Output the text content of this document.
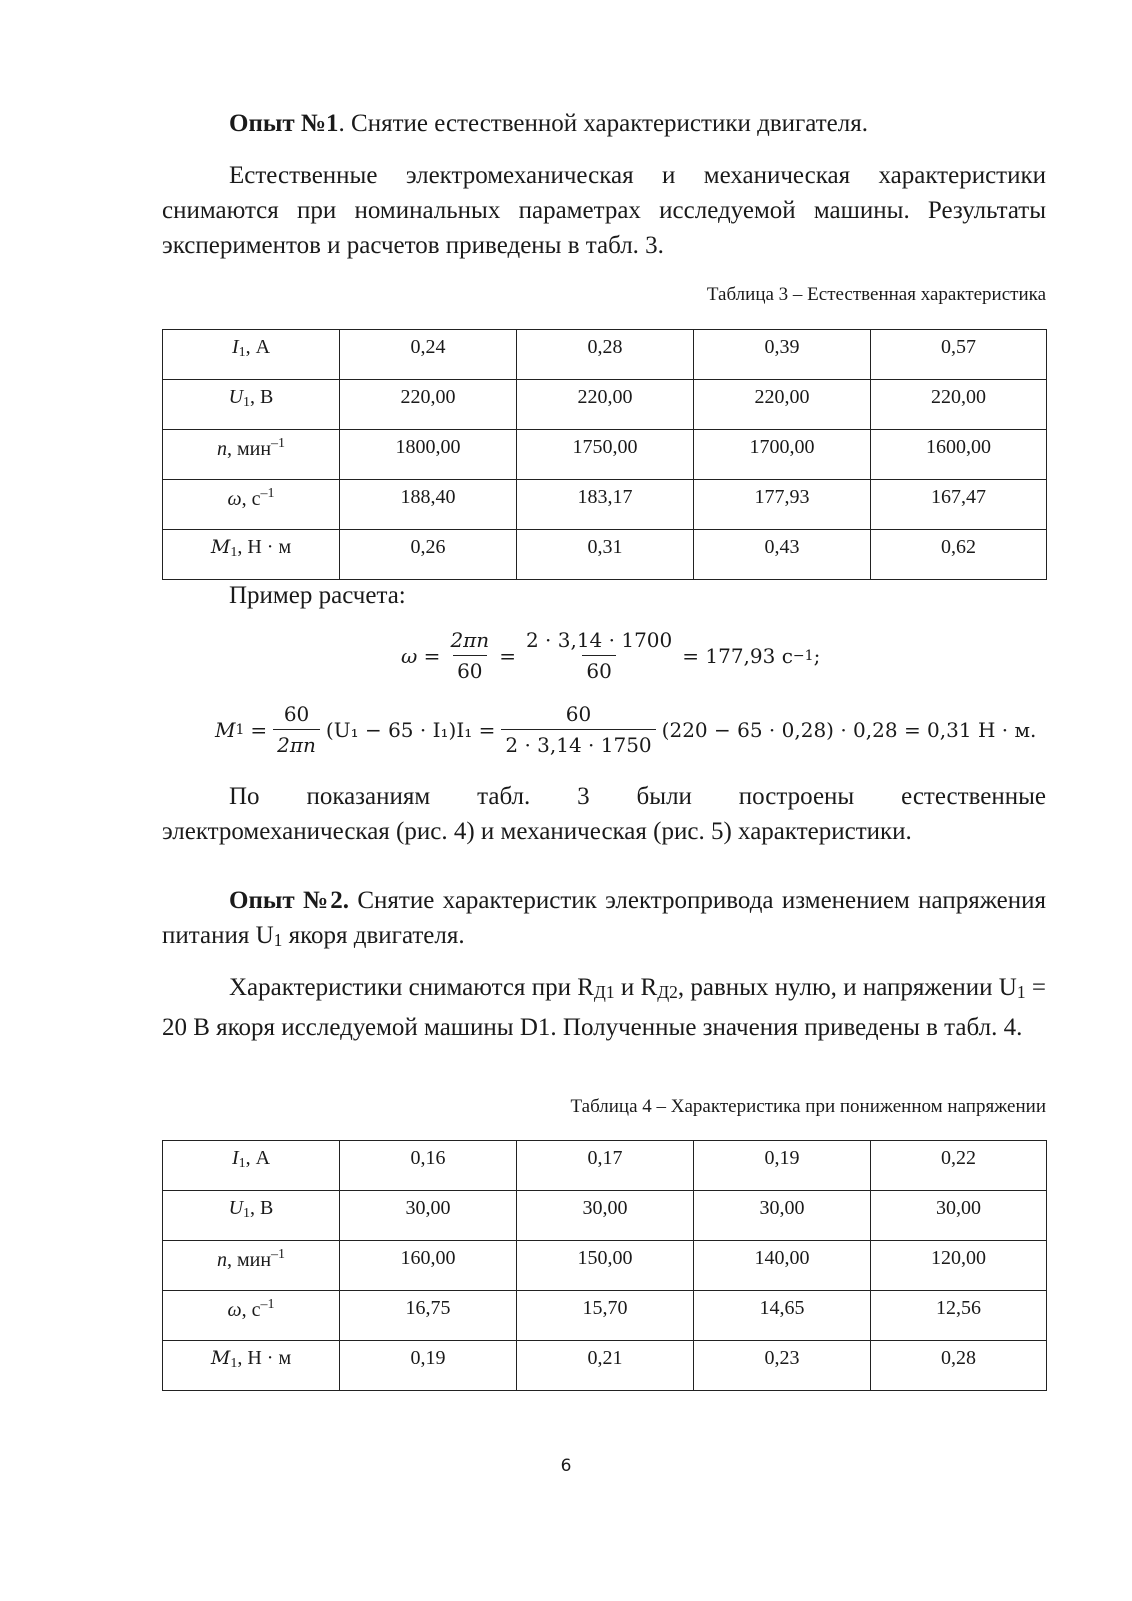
Опыт №1. Снятие естественной характеристики двигателя.

Естественные электромеханическая и механическая характеристики снимаются при номинальных параметрах исследуемой машины. Результаты экспериментов и расчетов приведены в табл. 3.

Таблица 3 – Естественная характеристика
$I_1$, А	0,24	0,28	0,39	0,57
$U_1$, В	220,00	220,00	220,00	220,00
n, мин$^{-1}$	1800,00	1750,00	1700,00	1600,00
ω, $с^{-1}$	188,40	183,17	177,93	167,47
$M_1$, Н · м	0,26	0,31	0,43	0,62

Пример расчета:

$\omega = \frac{2\pi n}{60} = \frac{2 \cdot 3,14 \cdot 1700}{60} = 177,93$ с −1 ;
M $1 = \frac{60}{2\pi n} (U_1 - 65 \cdot I_1)I_1 = \frac{60}{2 \cdot 3,14 \cdot 1750} (220 - 65 \cdot 0,28) \cdot 0,28 = 0,31$ Н · м.

По показаниям табл. 3 были построены естественные

электромеханическая (рис. 4) и механическая (рис. 5) характеристики.

Опыт №2. Снятие характеристик электропривода изменением напряжения питания U1 якоря двигателя.

Характеристики снимаются при RД1 и RД2, равных нулю, и напряжении U1 = 20 В якоря исследуемой машины D1. Полученные значения приведены в табл. 4.

Таблица 4 – Характеристика при пониженном напряжении
$I_1$, А	0,16	0,17	0,19	0,22
$U_1$, В	30,00	30,00	30,00	30,00
n, мин$^{-1}$	160,00	150,00	140,00	120,00
ω, $с^{-1}$	16,75	15,70	14,65	12,56
$M_1$, Н · м	0,19	0,21	0,23	0,28
6
